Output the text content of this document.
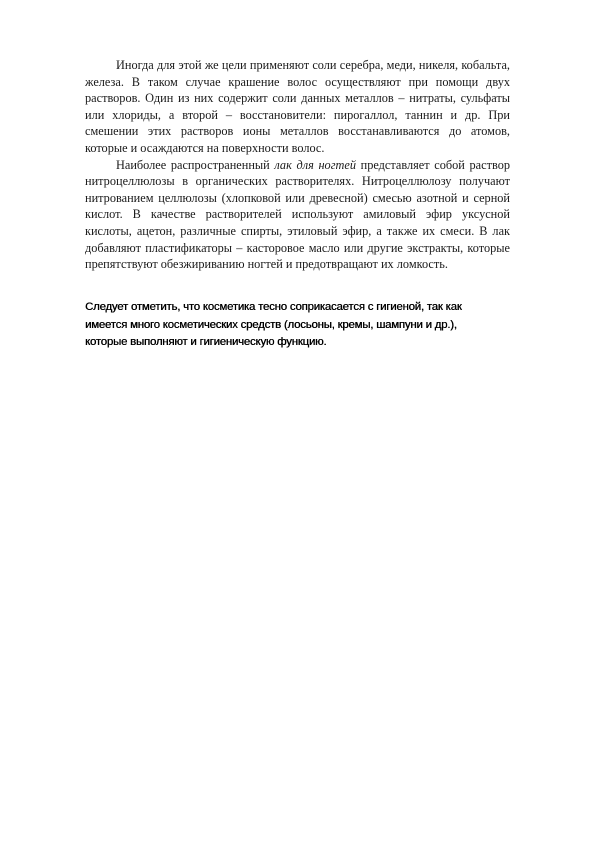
Иногда для этой же цели применяют соли серебра, меди, никеля, кобальта, железа. В таком случае крашение волос осуществляют при помощи двух растворов. Один из них содержит соли данных металлов – нитраты, сульфаты или хлориды, а второй – восстановители: пирогаллол, таннин и др. При смешении этих растворов ионы металлов восстанавливаются до атомов, которые и осаждаются на поверхности волос.

Наиболее распространенный лак для ногтей представляет собой раствор нитроцеллюлозы в органических растворителях. Нитроцеллюлозу получают нитрованием целлюлозы (хлопковой или древесной) смесью азотной и серной кислот. В качестве растворителей используют амиловый эфир уксусной кислоты, ацетон, различные спирты, этиловый эфир, а также их смеси. В лак добавляют пластификаторы – касторовое масло или другие экстракты, которые препятствуют обезжириванию ногтей и предотвращают их ломкость.

Следует отметить, что косметика тесно соприкасается с гигиеной, так как
имеется много косметических средств (лосьоны, кремы, шампуни и др.),
которые выполняют и гигиеническую функцию.
